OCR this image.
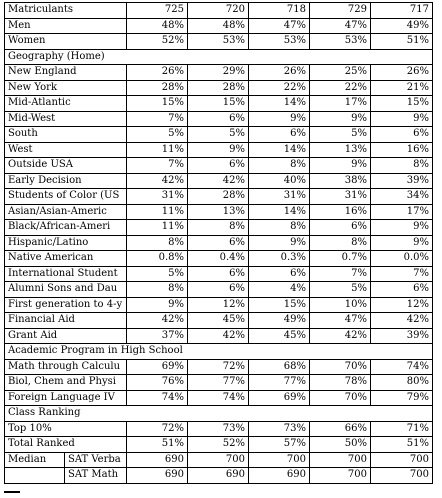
Matriculants		725	720	718	729	717
Men		48%	48%	47%	47%	49%
Women		52%	53%	53%	53%	51%
Geography (Home)						
New England		26%	29%	26%	25%	26%
New York		28%	28%	22%	22%	21%
Mid-Atlantic		15%	15%	14%	17%	15%
Mid-West		7%	6%	9%	9%	9%
South		5%	5%	6%	5%	6%
West		11%	9%	14%	13%	16%
Outside USA		7%	6%	8%	9%	8%
Early Decision		42%	42%	40%	38%	39%
Students of Color (US		31%	28%	31%	31%	34%
Asian/Asian-Americ		11%	13%	14%	16%	17%
Black/African-Ameri		11%	8%	8%	6%	9%
Hispanic/Latino		8%	6%	9%	8%	9%
Native American		0.8%	0.4%	0.3%	0.7%	0.0%
International Student		5%	6%	6%	7%	7%
Alumni Sons and Dau		8%	6%	4%	5%	6%
First generation to 4-y		9%	12%	15%	10%	12%
Financial Aid		42%	45%	49%	47%	42%
Grant Aid		37%	42%	45%	42%	39%
Academic Program in High School						
Math through Calculu		69%	72%	68%	70%	74%
Biol, Chem and Physi		76%	77%	77%	78%	80%
Foreign Language IV		74%	74%	69%	70%	79%
Class Ranking						
Top 10%		72%	73%	73%	66%	71%
Total Ranked		51%	52%	57%	50%	51%
Median	SAT Verba	690	700	700	700	700
	SAT Math	690	690	690	700	700
